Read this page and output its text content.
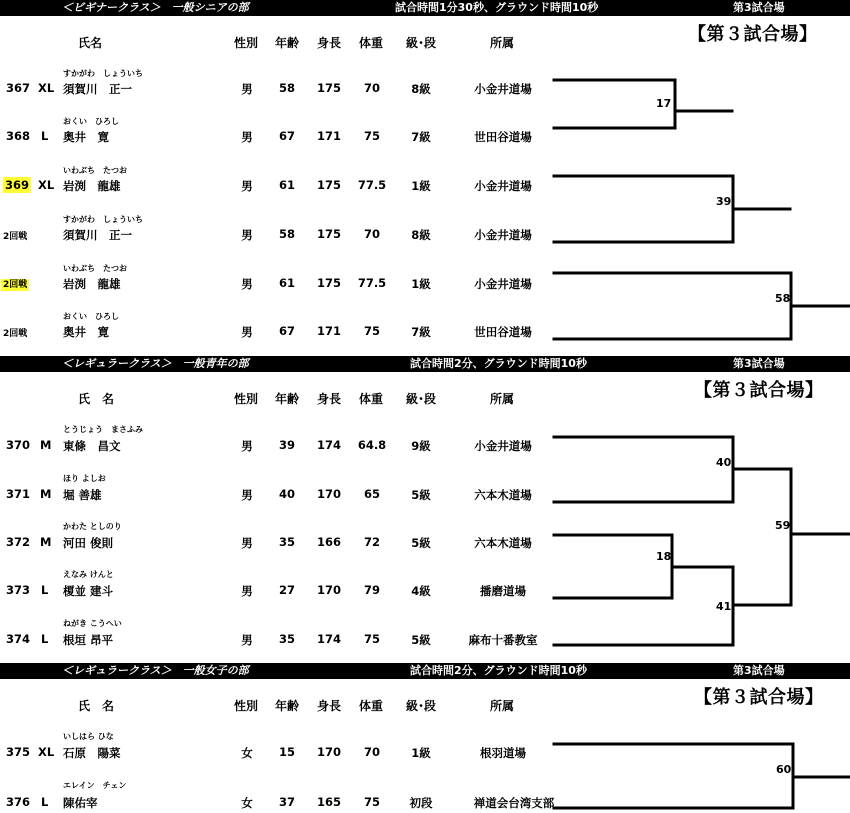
＜ビギナークラス＞　一般シニアの部	試合時間1分30秒、グラウンド時間10秒	第3試合場
【第３試合場】
氏名	性別 年齢 身長 体重 級･段	所属
すかがわ　しょういち
367 XL 須賀川　正一	男 58 175 70	8級	小金井道場
おくい　ひろし
368 L 奥井　寛	男 67 171 75	7級	世田谷道場
いわぶち　たつお
369 XL 岩渕　龍雄	男 61 175 77.5 1級	小金井道場
すかがわ　しょういち
2回戦	須賀川　正一	男 58 175 70	8級	小金井道場
いわぶち　たつお
2回戦	岩渕　龍雄	男 61 175 77.5 1級	小金井道場
おくい　ひろし
2回戦	奥井　寛	男 67 171 75	7級	世田谷道場
＜レギュラークラス＞　一般青年の部	試合時間2分、グラウンド時間10秒	第3試合場
【第３試合場】
氏　名	性別 年齢 身長 体重 級･段	所属
とうじょう　まさふみ
370 M 東條　昌文	男 39 174 64.8 9級	小金井道場
ほり よしお
371 M 堀 善雄	男 40 170 65	5級	六本木道場
かわた としのり
372 M 河田 俊則	男 35 166 72	5級	六本木道場
えなみ けんと
373 L 榎並 建斗	男 27 170 79	4級	播磨道場
ねがき こうへい
374 L 根垣 昂平	男 35 174 75	5級	麻布十番教室
＜レギュラークラス＞　一般女子の部	試合時間2分、グラウンド時間10秒	第3試合場
【第３試合場】
氏　名	性別 年齢 身長 体重 級･段	所属
いしはら ひな
375 XL 石原　陽菜	女 15 170 70	1級	根羽道場
エレイン　チェン
376 L 陳佑宰	女 37 165 75	初段	禅道会台湾支部
17
39
58
40
59
18
41
60
